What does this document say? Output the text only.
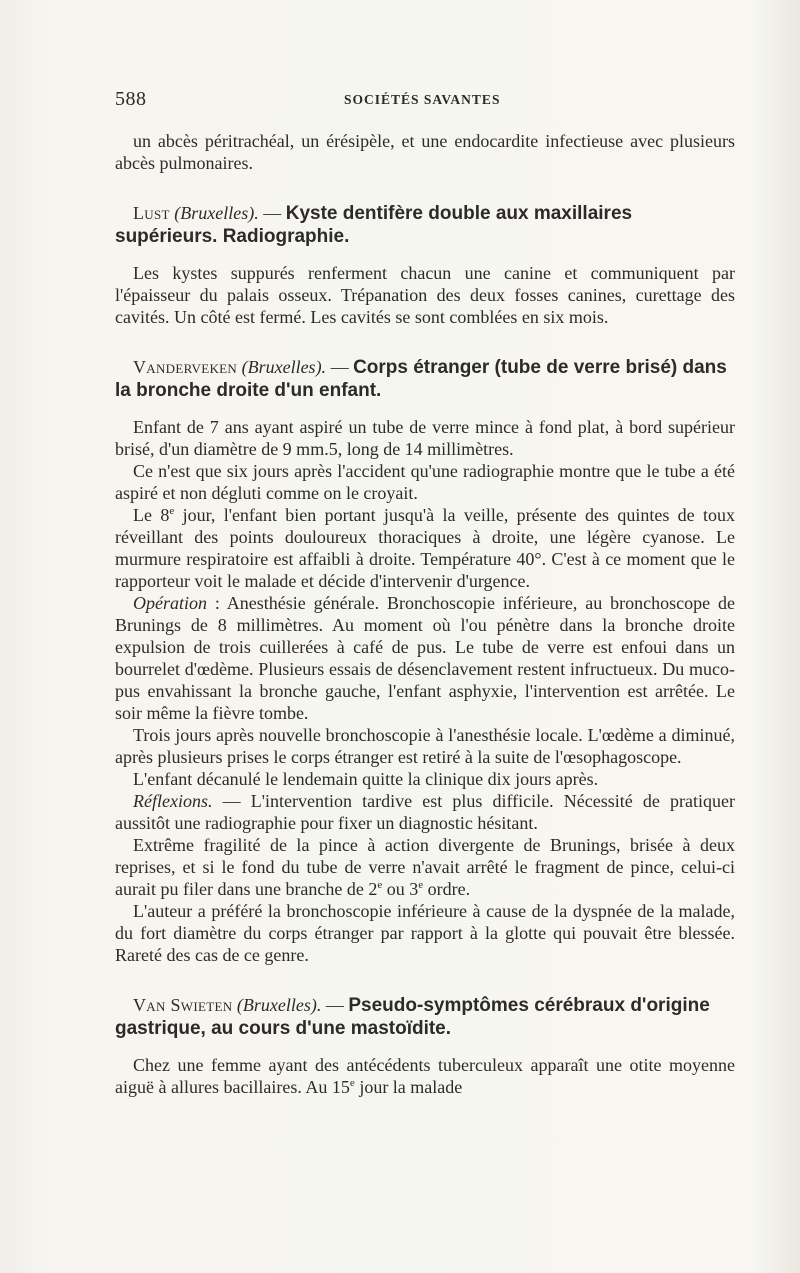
588	SOCIÉTÉS SAVANTES

un abcès péritrachéal, un érésipèle, et une endocardite infectieuse avec plusieurs abcès pulmonaires.

Lust (Bruxelles). — Kyste dentifère double aux maxillaires supérieurs. Radiographie.

Les kystes suppurés renferment chacun une canine et communiquent par l'épaisseur du palais osseux. Trépanation des deux fosses canines, curettage des cavités. Un côté est fermé. Les cavités se sont comblées en six mois.

Vanderveken (Bruxelles). — Corps étranger (tube de verre brisé) dans la bronche droite d'un enfant.

Enfant de 7 ans ayant aspiré un tube de verre mince à fond plat, à bord supérieur brisé, d'un diamètre de 9 mm.5, long de 14 millimètres.

Ce n'est que six jours après l'accident qu'une radiographie montre que le tube a été aspiré et non dégluti comme on le croyait.

Le 8e jour, l'enfant bien portant jusqu'à la veille, présente des quintes de toux réveillant des points douloureux thoraciques à droite, une légère cyanose. Le murmure respiratoire est affaibli à droite. Température 40°. C'est à ce moment que le rapporteur voit le malade et décide d'intervenir d'urgence.

Opération : Anesthésie générale. Bronchoscopie inférieure, au bronchoscope de Brunings de 8 millimètres. Au moment où l'ou pénètre dans la bronche droite expulsion de trois cuillerées à café de pus. Le tube de verre est enfoui dans un bourrelet d'œdème. Plusieurs essais de désenclavement restent infructueux. Du muco-pus envahissant la bronche gauche, l'enfant asphyxie, l'intervention est arrêtée. Le soir même la fièvre tombe.

Trois jours après nouvelle bronchoscopie à l'anesthésie locale. L'œdème a diminué, après plusieurs prises le corps étranger est retiré à la suite de l'œsophagoscope.

L'enfant décanulé le lendemain quitte la clinique dix jours après.

Réflexions. — L'intervention tardive est plus difficile. Nécessité de pratiquer aussitôt une radiographie pour fixer un diagnostic hésitant.

Extrême fragilité de la pince à action divergente de Brunings, brisée à deux reprises, et si le fond du tube de verre n'avait arrêté le fragment de pince, celui-ci aurait pu filer dans une branche de 2e ou 3e ordre.

L'auteur a préféré la bronchoscopie inférieure à cause de la dyspnée de la malade, du fort diamètre du corps étranger par rapport à la glotte qui pouvait être blessée. Rareté des cas de ce genre.

Van Swieten (Bruxelles). — Pseudo-symptômes cérébraux d'origine gastrique, au cours d'une mastoïdite.

Chez une femme ayant des antécédents tuberculeux apparaît une otite moyenne aiguë à allures bacillaires. Au 15e jour la malade
